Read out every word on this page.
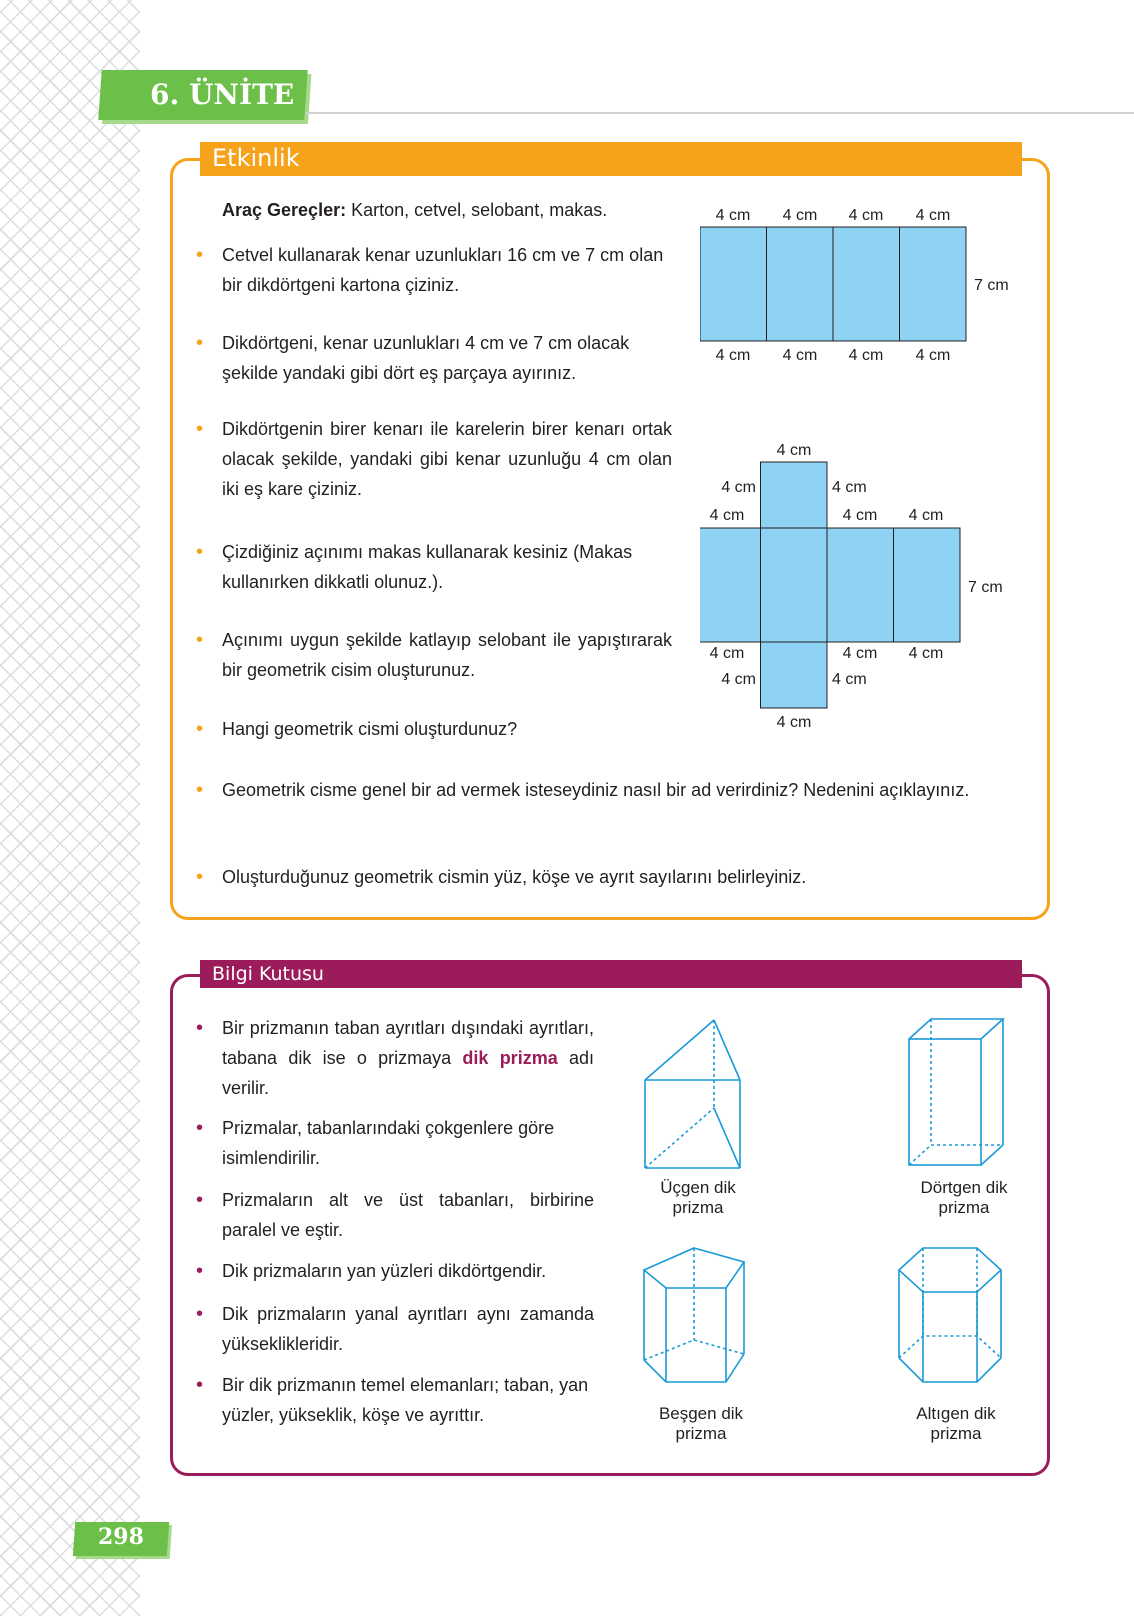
6. ÜNİTE
Etkinlik
Araç Gereçler: Karton, cetvel, selobant, makas.
• Cetvel kullanarak kenar uzunlukları 16 cm ve 7 cm olan bir dikdörtgeni kartona çiziniz.
• Dikdörtgeni, kenar uzunlukları 4 cm ve 7 cm olacak şekilde yandaki gibi dört eş parçaya ayırınız.
• Dikdörtgenin birer kenarı ile karelerin birer kenarı ortak olacak şekilde, yandaki gibi kenar uzunluğu 4 cm olan iki eş kare çiziniz.
• Çizdiğiniz açınımı makas kullanarak kesiniz (Makas kullanırken dikkatli olunuz.).
• Açınımı uygun şekilde katlayıp selobant ile yapıştırarak bir geometrik cisim oluşturunuz.
• Hangi geometrik cismi oluşturdunuz?
• Geometrik cisme genel bir ad vermek isteseydiniz nasıl bir ad verirdiniz? Nedenini açıklayınız.
• Oluşturduğunuz geometrik cismin yüz, köşe ve ayrıt sayılarını belirleyiniz.
4 cm 4 cm 4 cm 4 cm
4 cm 4 cm 4 cm 4 cm
7 cm
4 cm
4 cm	4 cm
4 cm	4 cm 4 cm
7 cm
4 cm	4 cm 4 cm
4 cm	4 cm
4 cm
Bilgi Kutusu
• Bir prizmanın taban ayrıtları dışındaki ayrıtları, tabana dik ise o prizmaya dik prizma adı verilir.
• Prizmalar, tabanlarındaki çokgenlere göre isimlendirilir.
• Prizmaların alt ve üst tabanları, birbirine paralel ve eştir.
• Dik prizmaların yan yüzleri dikdörtgendir.
• Dik prizmaların yanal ayrıtları aynı zamanda yükseklikleridir.
• Bir dik prizmanın temel elemanları; taban, yan yüzler, yükseklik, köşe ve ayrıttır.
Üçgen dik prizma
Dörtgen dik prizma
Beşgen dik prizma
Altıgen dik prizma
298
